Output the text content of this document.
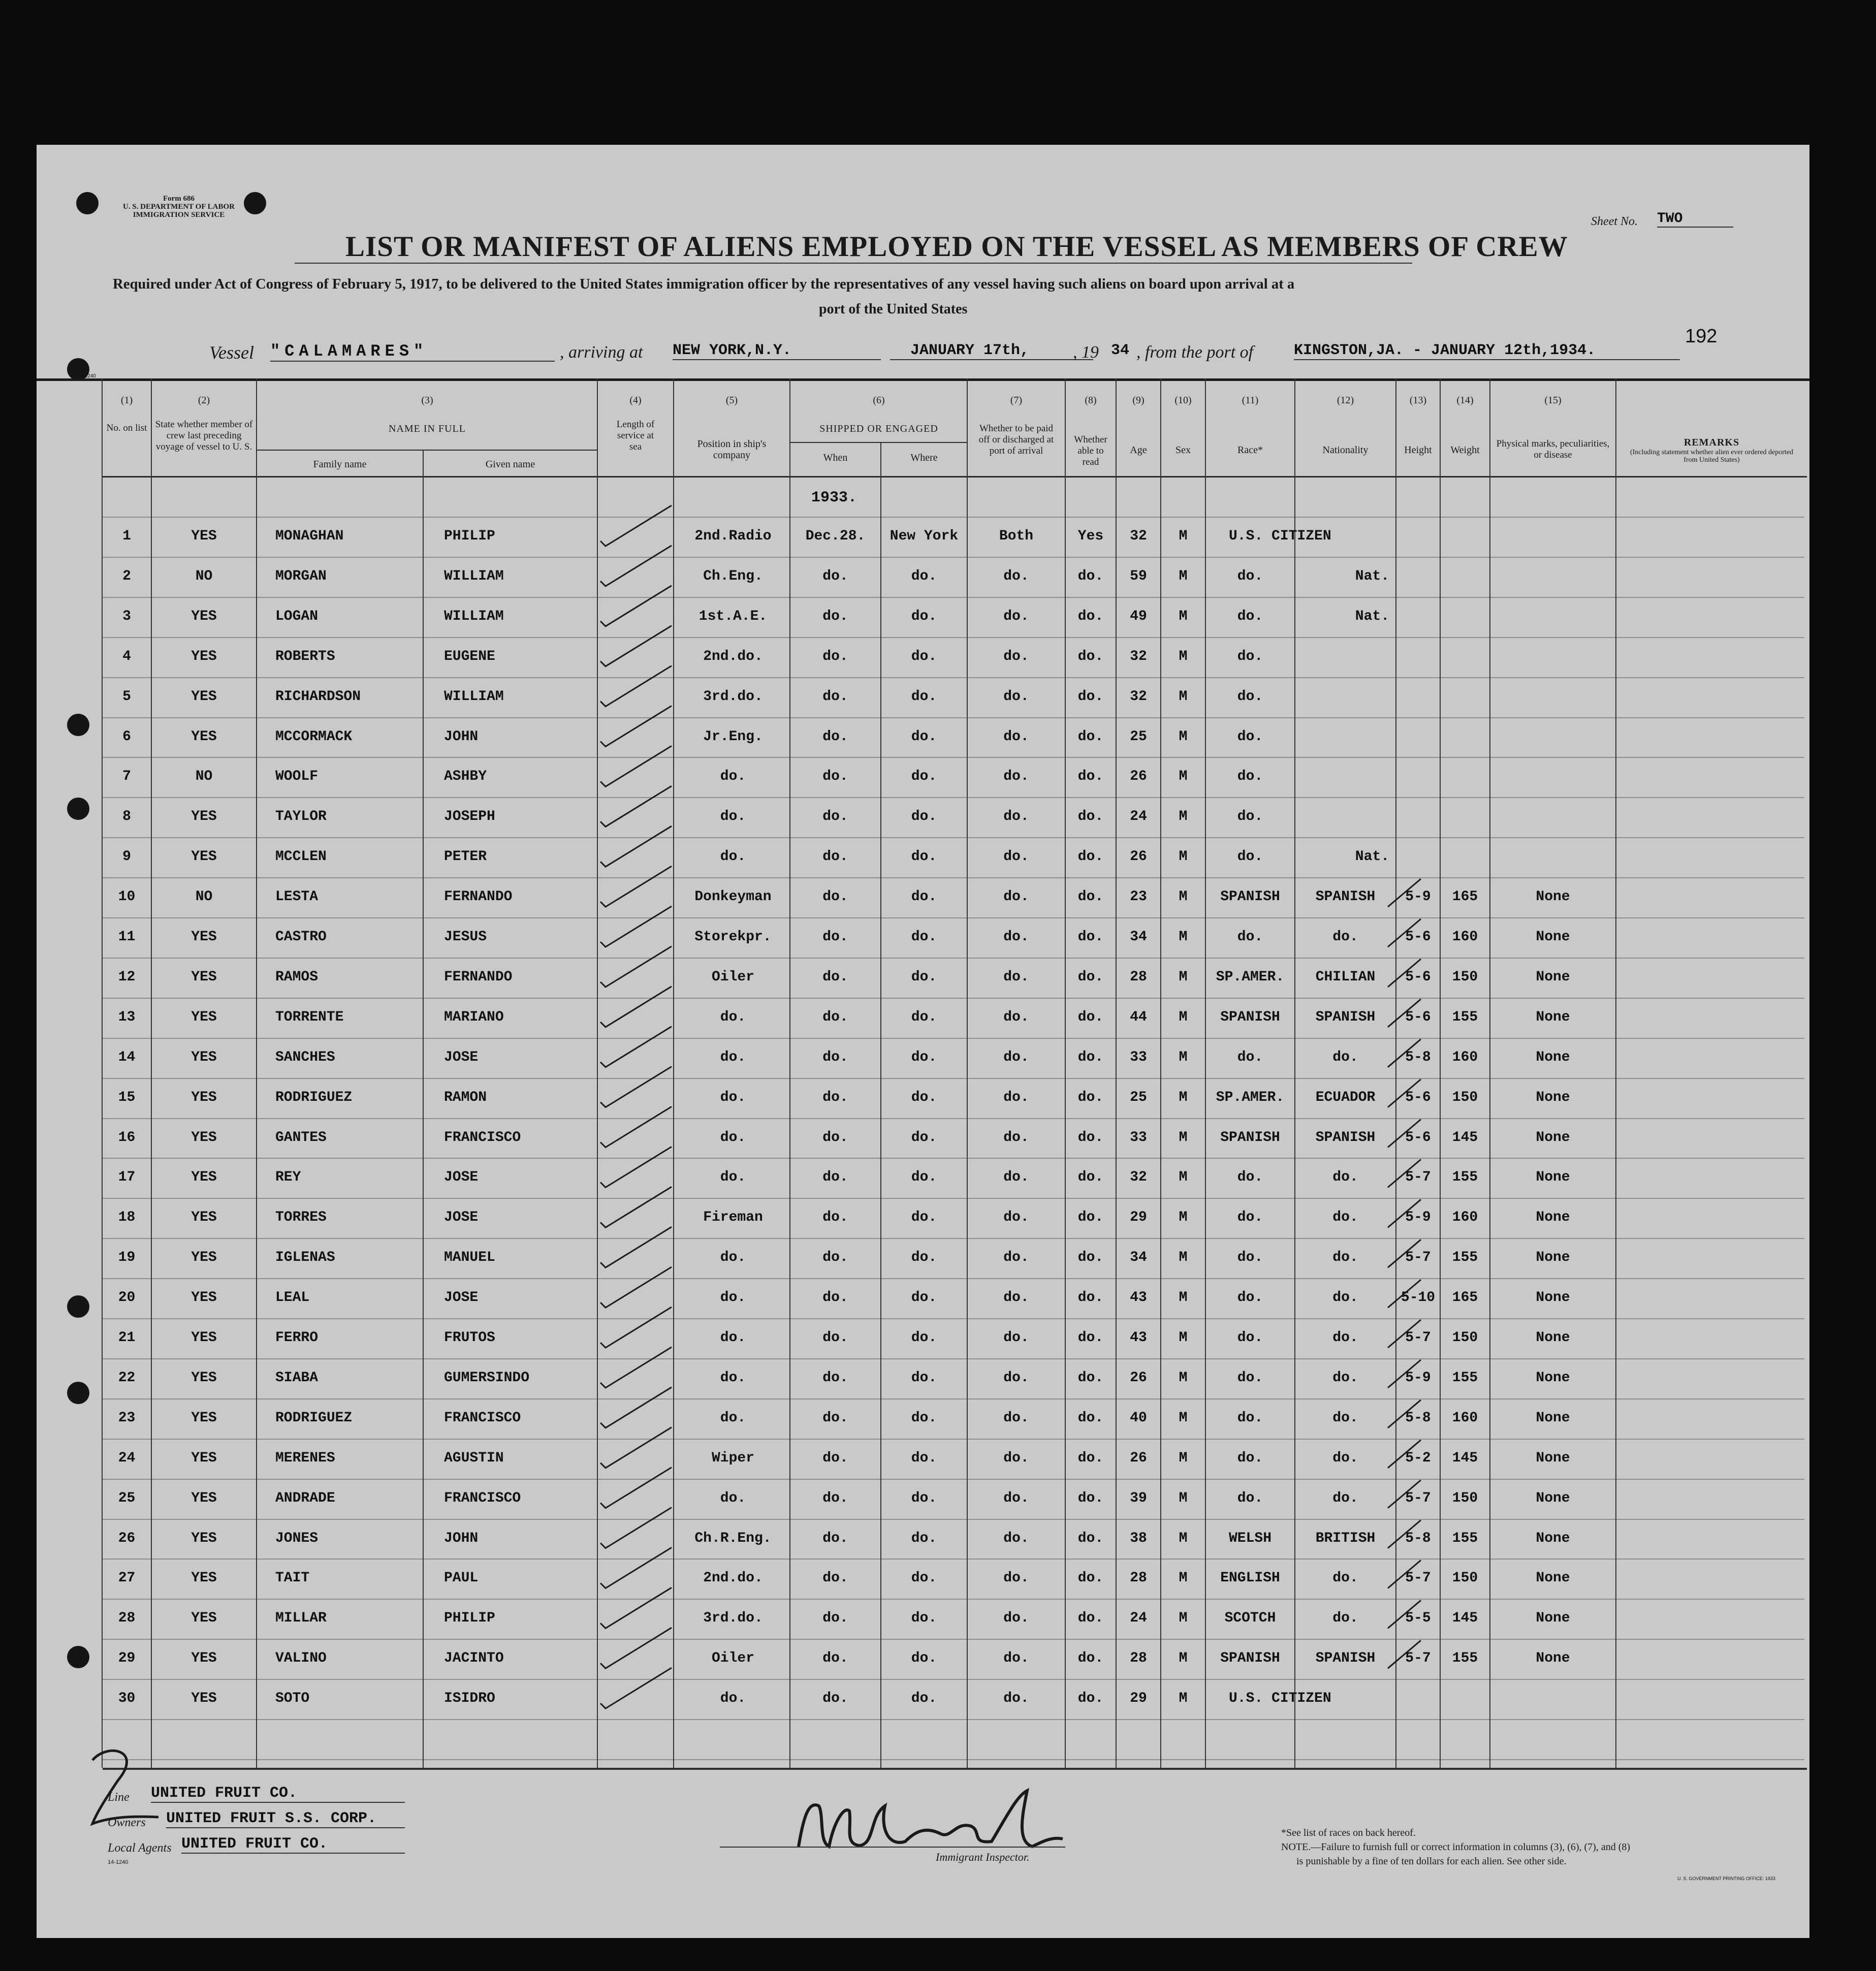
Form 686
U. S. DEPARTMENT OF LABOR
IMMIGRATION SERVICE	Sheet No. TWO
LIST OR MANIFEST OF ALIENS EMPLOYED ON THE VESSEL AS MEMBERS OF CREW
Required under Act of Congress of February 5, 1917, to be delivered to the United States immigration officer by the representatives of any vessel having such aliens on board upon arrival at a
port of the United States
192
Vessel "CALAMARES"	, arriving at NEW YORK,N.Y.	JANUARY 17th,	, 19 34 , from the port of	KINGSTON,JA. - JANUARY 12th,1934.
14-1240
(1)
No. on list
(2)
State whether member of crew last preceding voyage of vessel to U. S.
(3)
NAME IN FULL
Family name	Given name
(4)
Length of service at sea
(5)
Position in ship's company
(6)
SHIPPED OR ENGAGED
When	Where
(7)
Whether to be paid off or discharged at port of arrival
(8)
Whether able to read
(9)
Age
(10)
Sex
(11)
Race*
(12)
Nationality
(13)
Height
(14)
Weight
(15)
Physical marks, peculiarities, or disease
REMARKS
(Including statement whether alien ever ordered deported from United States)
1933.
1	YES	MONAGHAN	PHILIP	2nd.Radio	Dec.28.	New York	Both	Yes	32	M	U.S. CITIZEN
2	NO	MORGAN	WILLIAM	Ch.Eng.	do.	do.	do.	do.	59	M	do.	Nat.
3	YES	LOGAN	WILLIAM	1st.A.E.	do.	do.	do.	do.	49	M	do.	Nat.
4	YES	ROBERTS	EUGENE	2nd.do.	do.	do.	do.	do.	32	M	do.
5	YES	RICHARDSON	WILLIAM	3rd.do.	do.	do.	do.	do.	32	M	do.
6	YES	MCCORMACK	JOHN	Jr.Eng.	do.	do.	do.	do.	25	M	do.
7	NO	WOOLF	ASHBY	do.	do.	do.	do.	do.	26	M	do.
8	YES	TAYLOR	JOSEPH	do.	do.	do.	do.	do.	24	M	do.
9	YES	MCCLEN	PETER	do.	do.	do.	do.	do.	26	M	do.	Nat.
10	NO	LESTA	FERNANDO	Donkeyman	do.	do.	do.	do.	23	M	SPANISH	SPANISH	5-9	165	None
11	YES	CASTRO	JESUS	Storekpr.	do.	do.	do.	do.	34	M	do.	do.	5-6	160	None
12	YES	RAMOS	FERNANDO	Oiler	do.	do.	do.	do.	28	M	SP.AMER.	CHILIAN	5-6	150	None
13	YES	TORRENTE	MARIANO	do.	do.	do.	do.	do.	44	M	SPANISH	SPANISH	5-6	155	None
14	YES	SANCHES	JOSE	do.	do.	do.	do.	do.	33	M	do.	do.	5-8	160	None
15	YES	RODRIGUEZ	RAMON	do.	do.	do.	do.	do.	25	M	SP.AMER.	ECUADOR	5-6	150	None
16	YES	GANTES	FRANCISCO	do.	do.	do.	do.	do.	33	M	SPANISH	SPANISH	5-6	145	None
17	YES	REY	JOSE	do.	do.	do.	do.	do.	32	M	do.	do.	5-7	155	None
18	YES	TORRES	JOSE	Fireman	do.	do.	do.	do.	29	M	do.	do.	5-9	160	None
19	YES	IGLENAS	MANUEL	do.	do.	do.	do.	do.	34	M	do.	do.	5-7	155	None
20	YES	LEAL	JOSE	do.	do.	do.	do.	do.	43	M	do.	do.	5-10	165	None
21	YES	FERRO	FRUTOS	do.	do.	do.	do.	do.	43	M	do.	do.	5-7	150	None
22	YES	SIABA	GUMERSINDO	do.	do.	do.	do.	do.	26	M	do.	do.	5-9	155	None
23	YES	RODRIGUEZ	FRANCISCO	do.	do.	do.	do.	do.	40	M	do.	do.	5-8	160	None
24	YES	MERENES	AGUSTIN	Wiper	do.	do.	do.	do.	26	M	do.	do.	5-2	145	None
25	YES	ANDRADE	FRANCISCO	do.	do.	do.	do.	do.	39	M	do.	do.	5-7	150	None
26	YES	JONES	JOHN	Ch.R.Eng.	do.	do.	do.	do.	38	M	WELSH	BRITISH	5-8	155	None
27	YES	TAIT	PAUL	2nd.do.	do.	do.	do.	do.	28	M	ENGLISH	do.	5-7	150	None
28	YES	MILLAR	PHILIP	3rd.do.	do.	do.	do.	do.	24	M	SCOTCH	do.	5-5	145	None
29	YES	VALINO	JACINTO	Oiler	do.	do.	do.	do.	28	M	SPANISH	SPANISH	5-7	155	None
30	YES	SOTO	ISIDRO	do.	do.	do.	do.	do.	29	M	U.S. CITIZEN
Line UNITED FRUIT CO.
Owners UNITED FRUIT S.S. CORP.
Local Agents UNITED FRUIT CO.
14-1240	Immigrant Inspector.
*See list of races on back hereof.
NOTE.—Failure to furnish full or correct information in columns (3), (6), (7), and (8)
is punishable by a fine of ten dollars for each alien. See other side.
U. S. GOVERNMENT PRINTING OFFICE: 1933
